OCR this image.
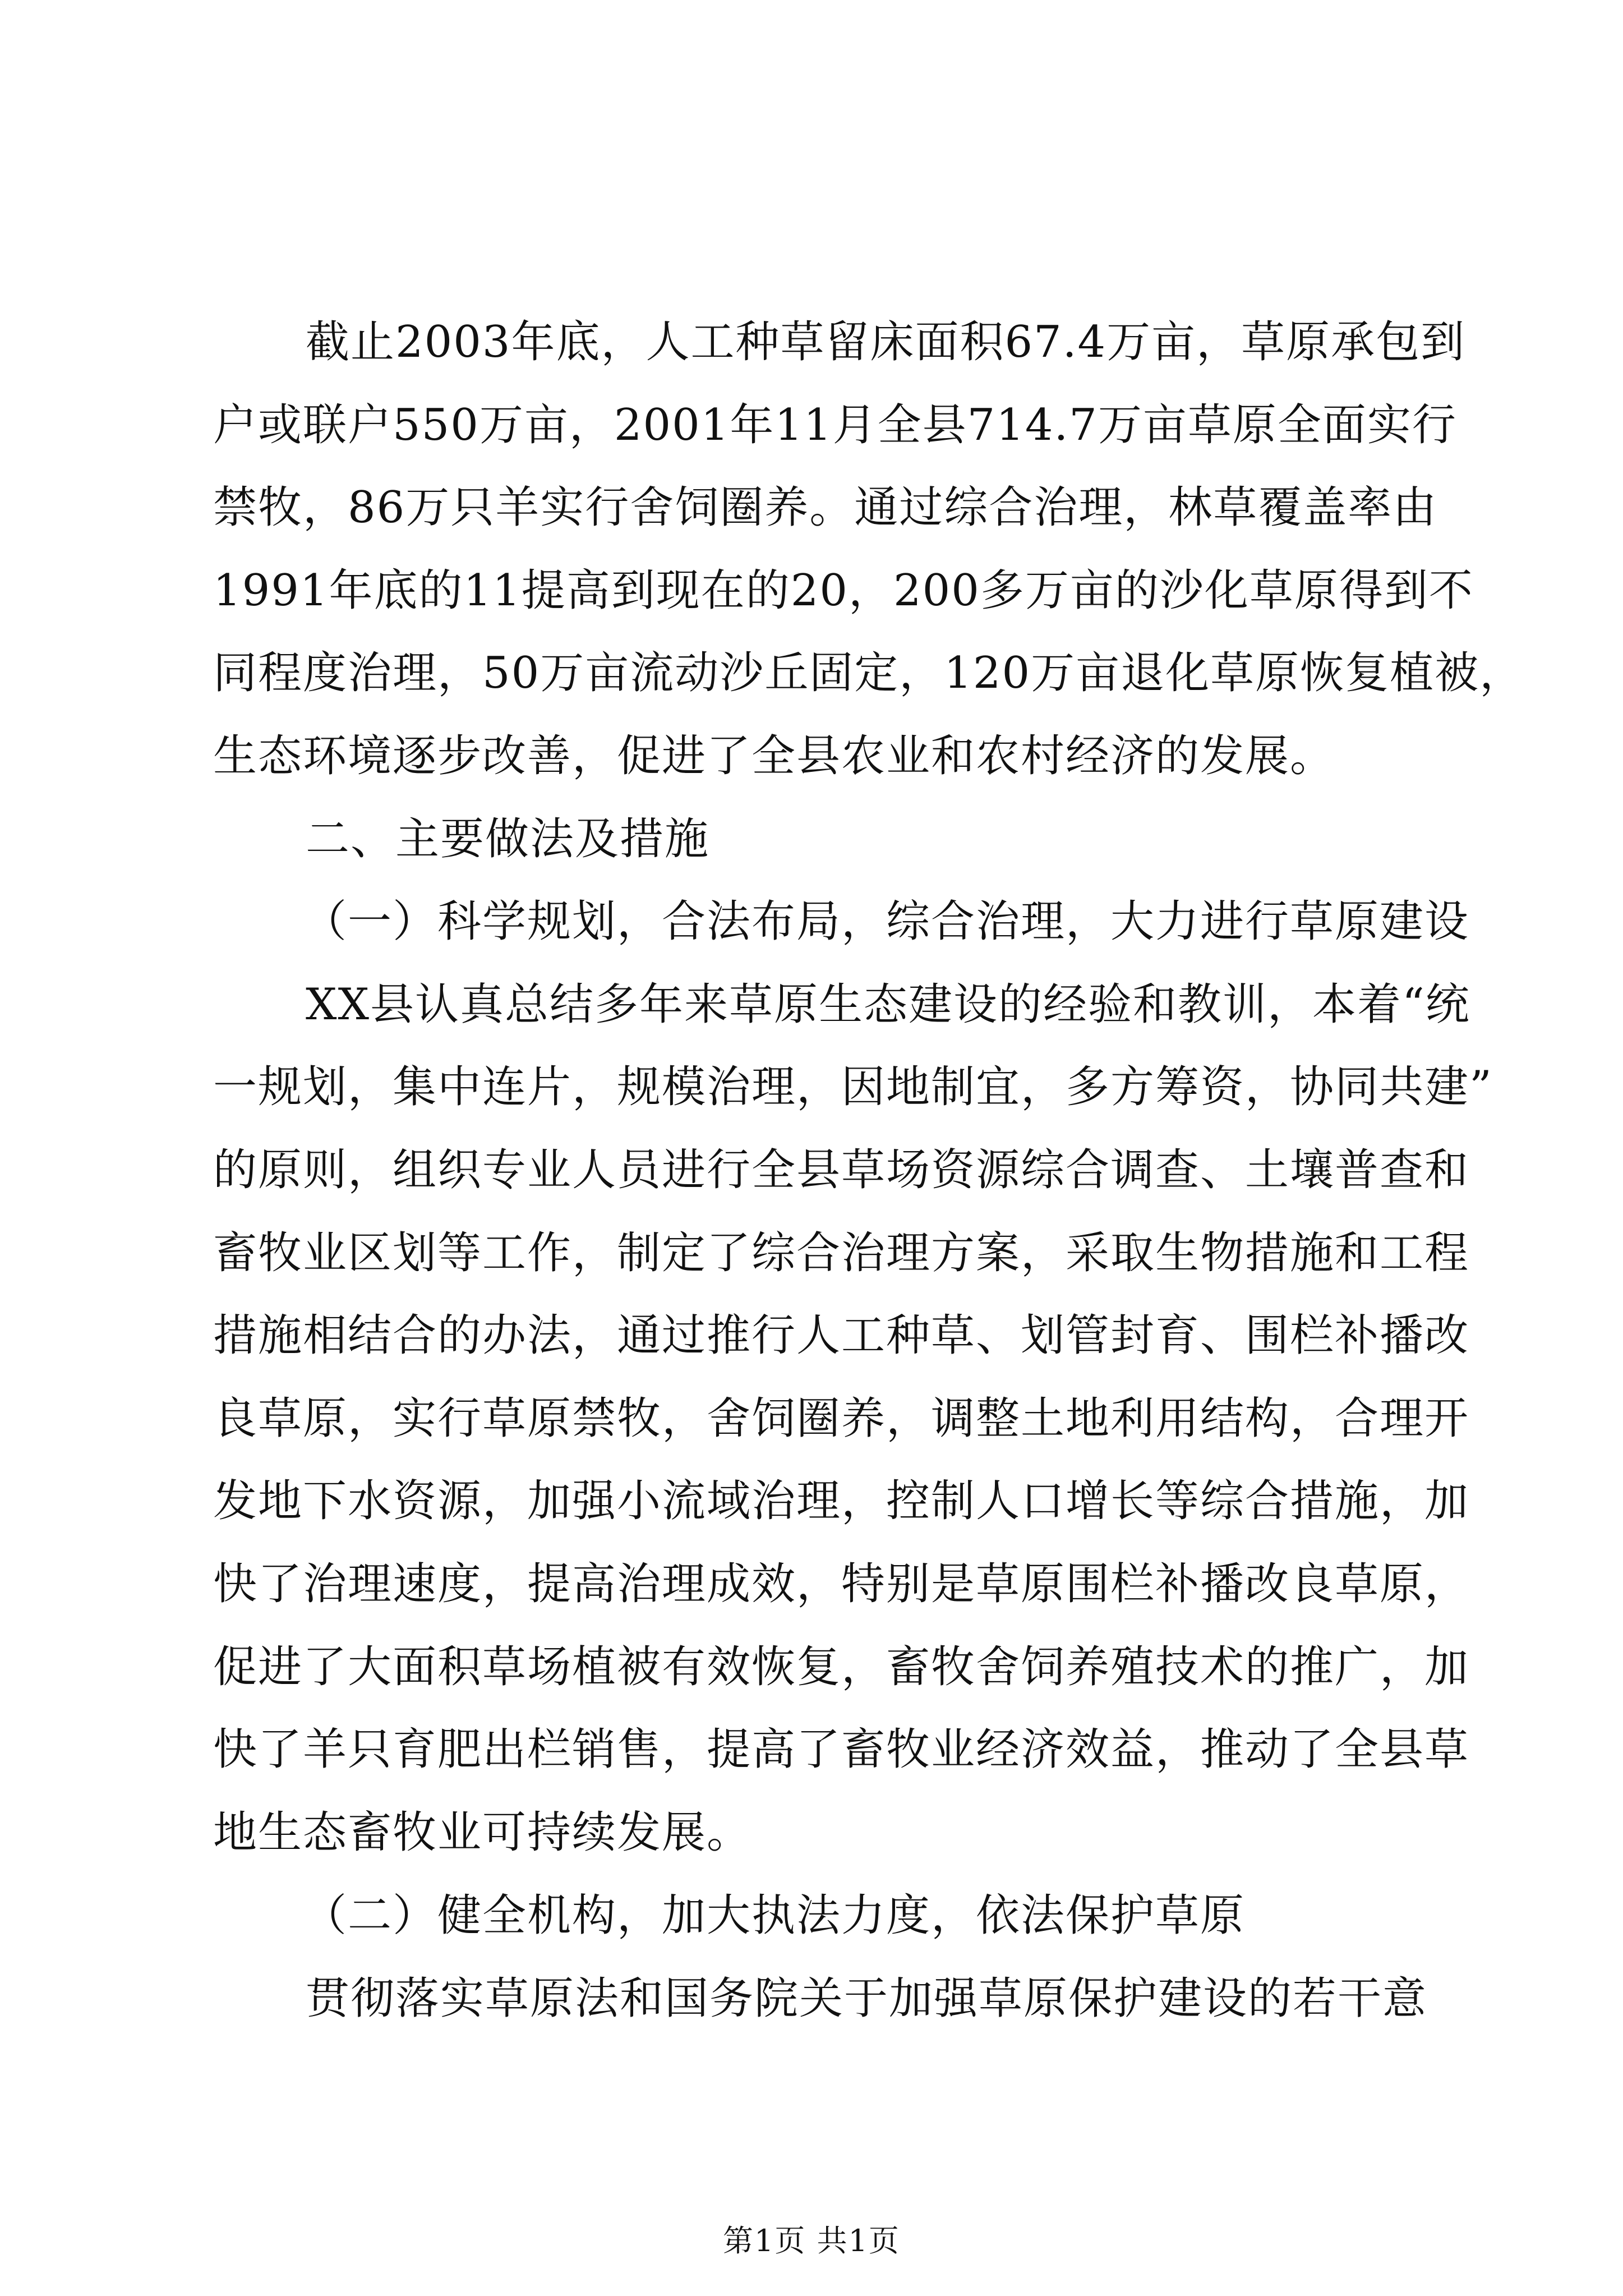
截止2003年底，人工种草留床面积67.4万亩，草原承包到
户或联户550万亩，2001年11月全县714.7万亩草原全面实行
禁牧，86万只羊实行舍饲圈养。通过综合治理，林草覆盖率由
1991年底的11提高到现在的20，200多万亩的沙化草原得到不
同程度治理，50万亩流动沙丘固定，120万亩退化草原恢复植被，
生态环境逐步改善，促进了全县农业和农村经济的发展。
二、主要做法及措施
（一）科学规划，合法布局，综合治理，大力进行草原建设
XX县认真总结多年来草原生态建设的经验和教训，本着“统
一规划，集中连片，规模治理，因地制宜，多方筹资，协同共建”
的原则，组织专业人员进行全县草场资源综合调查、土壤普查和
畜牧业区划等工作，制定了综合治理方案，采取生物措施和工程
措施相结合的办法，通过推行人工种草、划管封育、围栏补播改
良草原，实行草原禁牧，舍饲圈养，调整土地利用结构，合理开
发地下水资源，加强小流域治理，控制人口增长等综合措施，加
快了治理速度，提高治理成效，特别是草原围栏补播改良草原，
促进了大面积草场植被有效恢复，畜牧舍饲养殖技术的推广，加
快了羊只育肥出栏销售，提高了畜牧业经济效益，推动了全县草
地生态畜牧业可持续发展。
（二）健全机构，加大执法力度，依法保护草原
贯彻落实草原法和国务院关于加强草原保护建设的若干意
第1页 共1页
